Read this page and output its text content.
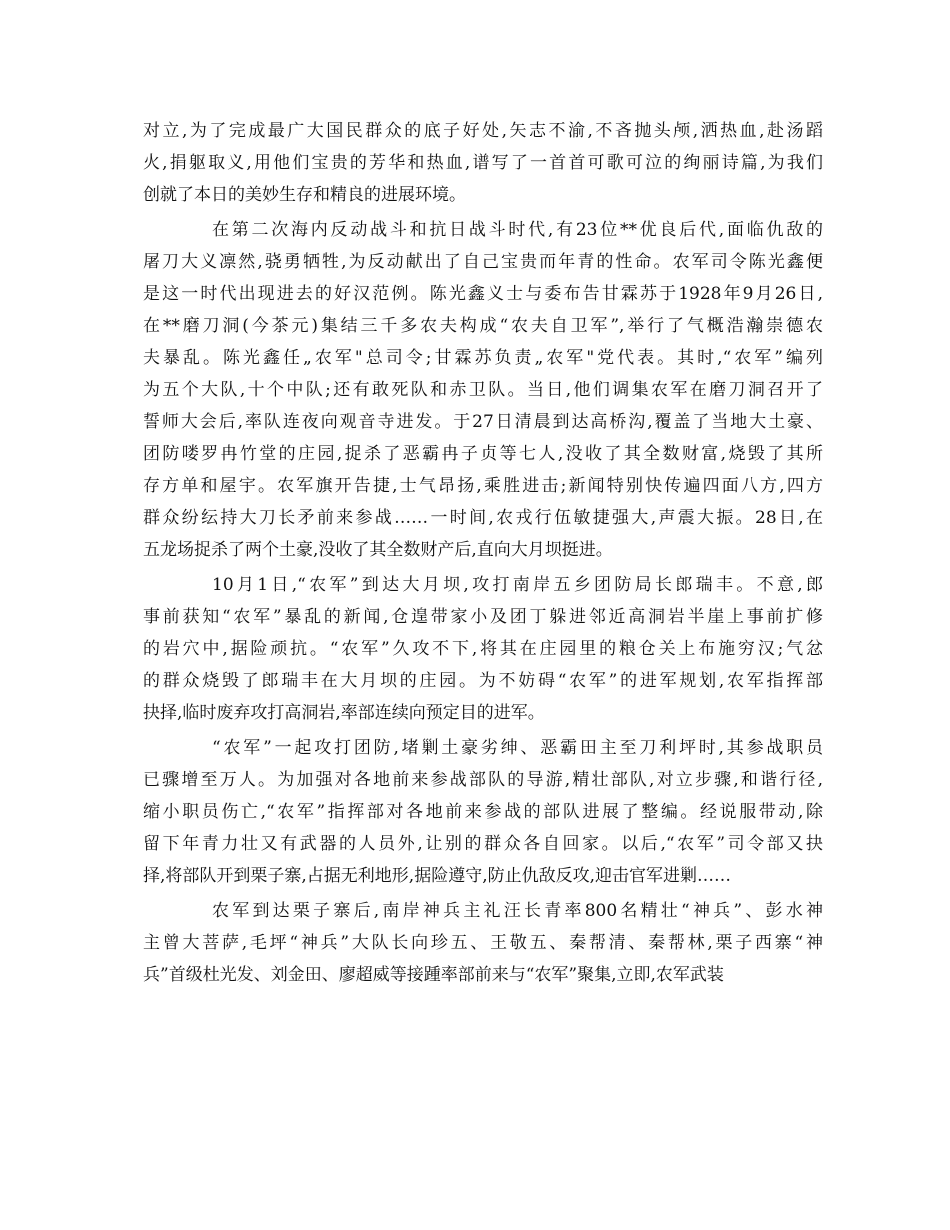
对立,为了完成最广大国民群众的底子好处,矢志不渝,不吝抛头颅,洒热血,赴汤蹈
火,捐躯取义,用他们宝贵的芳华和热血,谱写了一首首可歌可泣的绚丽诗篇,为我们
创就了本日的美妙生存和精良的进展环境。
在第二次海内反动战斗和抗日战斗时代,有23位**优良后代,面临仇敌的
屠刀大义凛然,骁勇牺牲,为反动献出了自己宝贵而年青的性命。农军司令陈光鑫便
是这一时代出现进去的好汉范例。陈光鑫义士与委布告甘霖苏于1928年9月26日,
在**磨刀洞(今茶元)集结三千多农夫构成“农夫自卫军”,举行了气概浩瀚崇德农
夫暴乱。陈光鑫任„农军"总司令;甘霖苏负责„农军"党代表。其时,“农军”编列
为五个大队,十个中队;还有敢死队和赤卫队。当日,他们调集农军在磨刀洞召开了
誓师大会后,率队连夜向观音寺进发。于27日清晨到达高桥沟,覆盖了当地大土豪、
团防喽罗冉竹堂的庄园,捉杀了恶霸冉子贞等七人,没收了其全数财富,烧毁了其所
存方单和屋宇。农军旗开告捷,士气昂扬,乘胜进击;新闻特别快传遍四面八方,四方
群众纷纭持大刀长矛前来参战……一时间,农戎行伍敏捷强大,声震大振。28日,在
五龙场捉杀了两个土豪,没收了其全数财产后,直向大月坝挺进。
10月1日,“农军”到达大月坝,攻打南岸五乡团防局长郎瑞丰。不意,郎
事前获知“农军”暴乱的新闻,仓遑带家小及团丁躲进邻近高洞岩半崖上事前扩修
的岩穴中,据险顽抗。“农军”久攻不下,将其在庄园里的粮仓关上布施穷汉;气忿
的群众烧毁了郎瑞丰在大月坝的庄园。为不妨碍“农军”的进军规划,农军指挥部
抉择,临时废弃攻打高洞岩,率部连续向预定目的进军。
“农军”一起攻打团防,堵剿土豪劣绅、恶霸田主至刀利坪时,其参战职员
已骤增至万人。为加强对各地前来参战部队的导游,精壮部队,对立步骤,和谐行径,
缩小职员伤亡,“农军”指挥部对各地前来参战的部队进展了整编。经说服带动,除
留下年青力壮又有武器的人员外,让别的群众各自回家。以后,“农军”司令部又抉
择,将部队开到栗子寨,占据无利地形,据险遵守,防止仇敌反攻,迎击官军进剿……
农军到达栗子寨后,南岸神兵主礼汪长青率800名精壮“神兵”、彭水神
主曾大菩萨,毛坪“神兵”大队长向珍五、王敬五、秦帮清、秦帮林,栗子西寨“神
兵”首级杜光发、刘金田、廖超威等接踵率部前来与“农军”聚集,立即,农军武装
